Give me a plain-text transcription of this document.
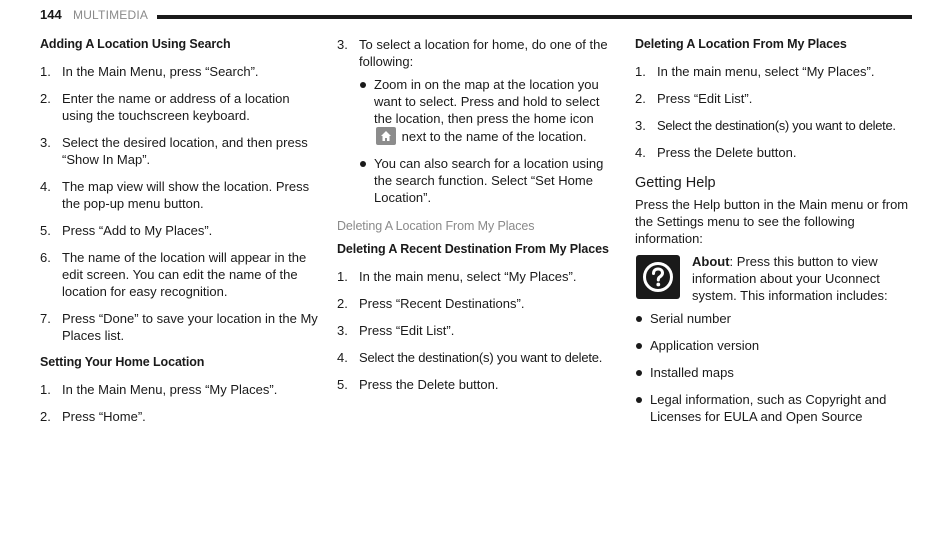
144 MULTIMEDIA
Adding A Location Using Search
1. In the Main Menu, press “Search”.
2. Enter the name or address of a location using the touchscreen keyboard.
3. Select the desired location, and then press “Show In Map”.
4. The map view will show the location. Press the pop-up menu button.
5. Press “Add to My Places”.
6. The name of the location will appear in the edit screen. You can edit the name of the location for easy recognition.
7. Press “Done” to save your location in the My Places list.
Setting Your Home Location
1. In the Main Menu, press “My Places”.
2. Press “Home”.
3. To select a location for home, do one of the following:
Zoom in on the map at the location you want to select. Press and hold to select the location, then press the home icon
next to the name of the location.
You can also search for a location using the search function. Select “Set Home Location”.
Deleting A Location From My Places
Deleting A Recent Destination From My Places
1. In the main menu, select “My Places”.
2. Press “Recent Destinations”.
3. Press “Edit List”.
4. Select the destination(s) you want to delete.
5. Press the Delete button.
Deleting A Location From My Places
1. In the main menu, select “My Places”.
2. Press “Edit List”.
3. Select the destination(s) you want to delete.
4. Press the Delete button.
Getting Help

Press the Help button in the Main menu or from the Settings menu to see the following information:

About: Press this button to view information about your Uconnect system. This information includes:
Serial number
Application version
Installed maps
Legal information, such as Copyright and Licenses for EULA and Open Source
